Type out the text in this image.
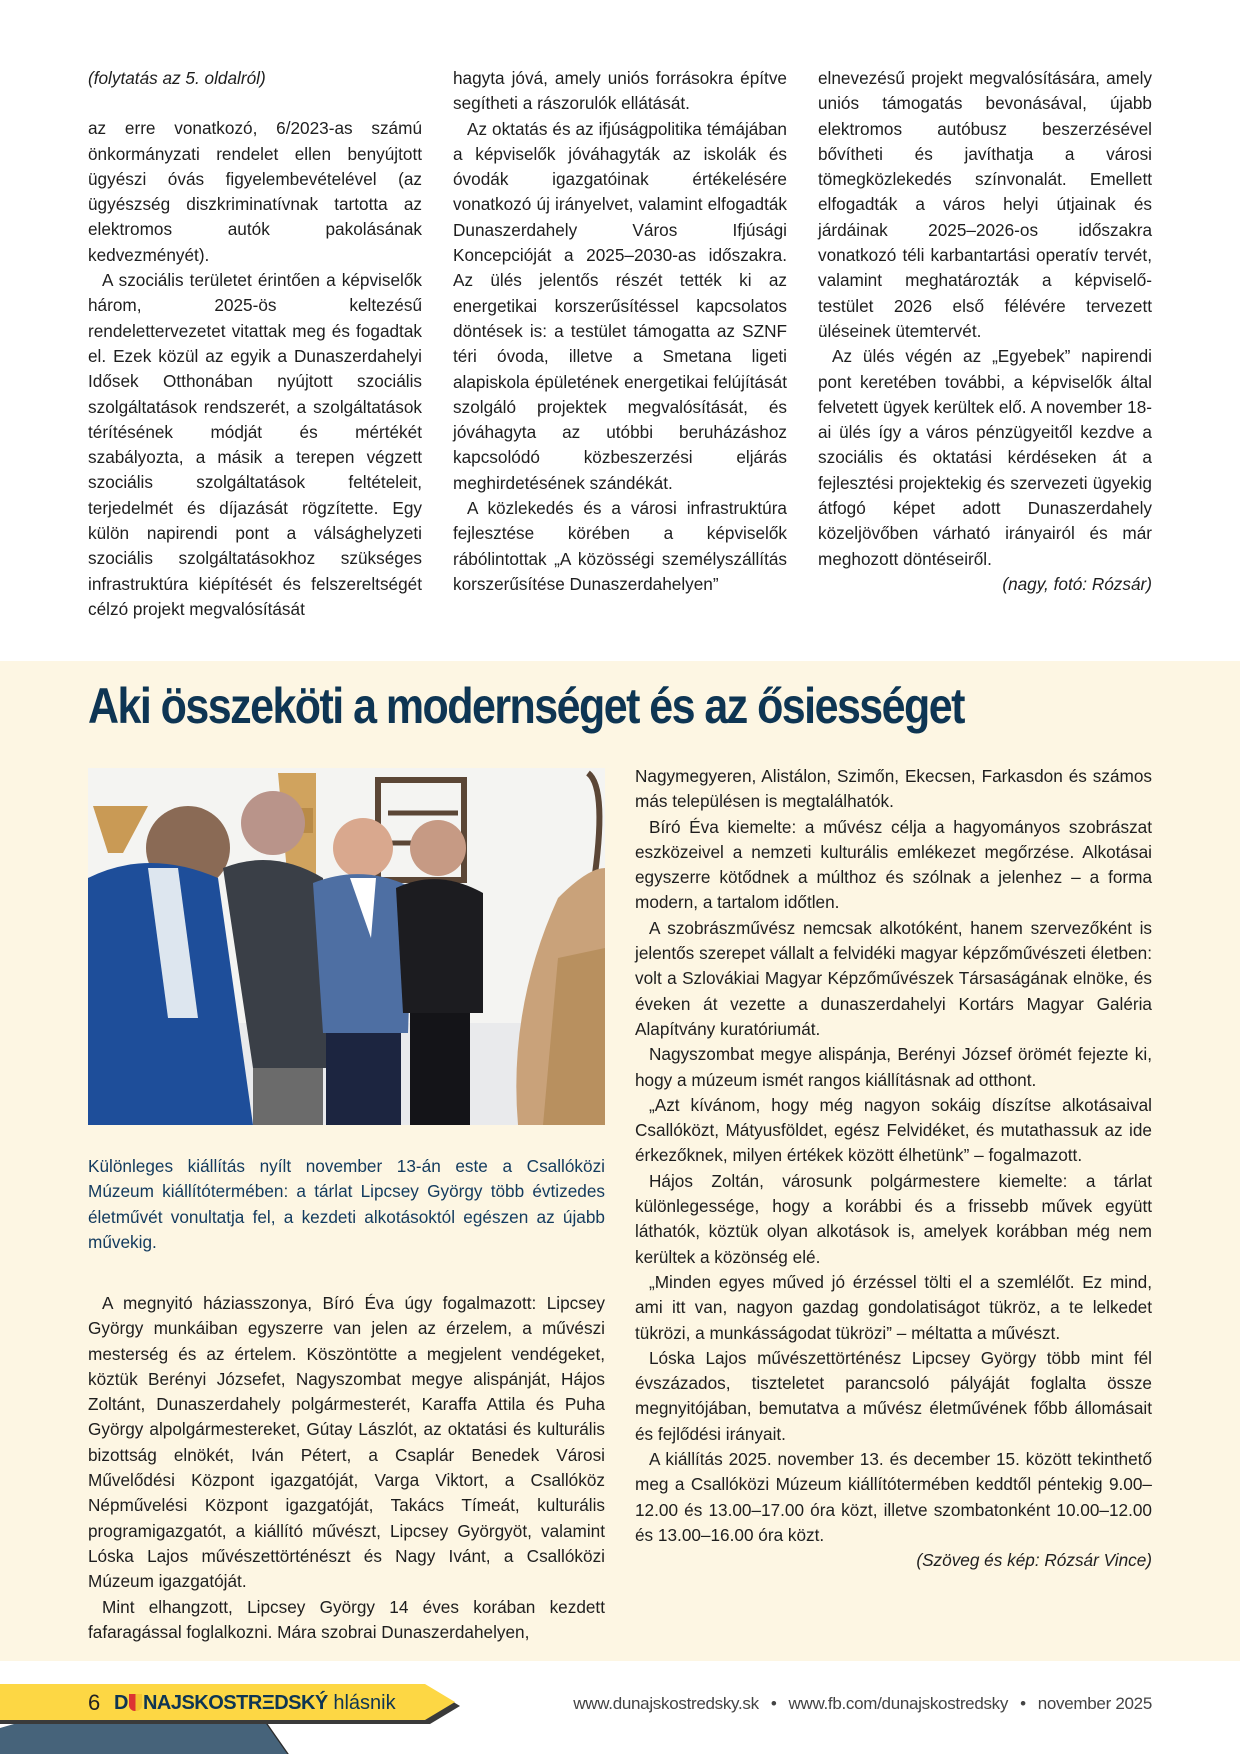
(folytatás az 5. oldalról)

az erre vonatkozó, 6/2023-as számú önkormányzati rendelet ellen benyújtott ügyészi óvás figyelembevételével (az ügyészség diszkriminatívnak tartotta az elektromos autók pakolásának kedvezményét).

A szociális területet érintően a képviselők három, 2025-ös keltezésű rendelettervezetet vitattak meg és fogadtak el. Ezek közül az egyik a Dunaszerdahelyi Idősek Otthonában nyújtott szociális szolgáltatások rendszerét, a szolgáltatások térítésének módját és mértékét szabályozta, a másik a terepen végzett szociális szolgáltatások feltételeit, terjedelmét és díjazását rögzítette. Egy külön napirendi pont a válsághelyzeti szociális szolgáltatásokhoz szükséges infrastruktúra kiépítését és felszereltségét célzó projekt megvalósítását

hagyta jóvá, amely uniós forrásokra építve segítheti a rászorulók ellátását.

Az oktatás és az ifjúságpolitika témájában a képviselők jóváhagyták az iskolák és óvodák igazgatóinak értékelésére vonatkozó új irányelvet, valamint elfogadták Dunaszerdahely Város Ifjúsági Koncepcióját a 2025–2030-as időszakra. Az ülés jelentős részét tették ki az energetikai korszerűsítéssel kapcsolatos döntések is: a testület támogatta az SZNF téri óvoda, illetve a Smetana ligeti alapiskola épületének energetikai felújítását szolgáló projektek megvalósítását, és jóváhagyta az utóbbi beruházáshoz kapcsolódó közbeszerzési eljárás meghirdetésének szándékát.

A közlekedés és a városi infrastruktúra fejlesztése körében a képviselők rábólintottak „A közösségi személyszállítás korszerűsítése Dunaszerdahelyen”

elnevezésű projekt megvalósítására, amely uniós támogatás bevonásával, újabb elektromos autóbusz beszerzésével bővítheti és javíthatja a városi tömegközlekedés színvonalát. Emellett elfogadták a város helyi útjainak és járdáinak 2025–2026-os időszakra vonatkozó téli karbantartási operatív tervét, valamint meghatározták a képviselő-testület 2026 első félévére tervezett üléseinek ütemtervét.

Az ülés végén az „Egyebek” napirendi pont keretében további, a képviselők által felvetett ügyek kerültek elő. A november 18-ai ülés így a város pénzügyeitől kezdve a szociális és oktatási kérdéseken át a fejlesztési projektekig és szervezeti ügyekig átfogó képet adott Dunaszerdahely közeljövőben várható irányairól és már meghozott döntéseiről.

(nagy, fotó: Rózsár)

Aki összeköti a modernséget és az ősiességet

Különleges kiállítás nyílt november 13-án este a Csallóközi Múzeum kiállítótermében: a tárlat Lipcsey György több évtizedes életművét vonultatja fel, a kezdeti alkotásoktól egészen az újabb művekig.

A megnyitó háziasszonya, Bíró Éva úgy fogalmazott: Lipcsey György munkáiban egyszerre van jelen az érzelem, a művészi mesterség és az értelem. Köszöntötte a megjelent vendégeket, köztük Berényi Józsefet, Nagyszombat megye alispánját, Hájos Zoltánt, Dunaszerdahely polgármesterét, Karaffa Attila és Puha György alpolgármestereket, Gútay Lászlót, az oktatási és kulturális bizottság elnökét, Iván Pétert, a Csaplár Benedek Városi Művelődési Központ igazgatóját, Varga Viktort, a Csallóköz Népművelési Központ igazgatóját, Takács Tímeát, kulturális programigazgatót, a kiállító művészt, Lipcsey Györgyöt, valamint Lóska Lajos művészettörténészt és Nagy Ivánt, a Csallóközi Múzeum igazgatóját.

Mint elhangzott, Lipcsey György 14 éves korában kezdett fafaragással foglalkozni. Mára szobrai Dunaszerdahelyen,

Nagymegyeren, Alistálon, Szimőn, Ekecsen, Farkasdon és számos más településen is megtalálhatók.

Bíró Éva kiemelte: a művész célja a hagyományos szobrászat eszközeivel a nemzeti kulturális emlékezet megőrzése. Alkotásai egyszerre kötődnek a múlthoz és szólnak a jelenhez – a forma modern, a tartalom időtlen.

A szobrászművész nemcsak alkotóként, hanem szervezőként is jelentős szerepet vállalt a felvidéki magyar képzőművészeti életben: volt a Szlovákiai Magyar Képzőművészek Társaságának elnöke, és éveken át vezette a dunaszerdahelyi Kortárs Magyar Galéria Alapítvány kuratóriumát.

Nagyszombat megye alispánja, Berényi József örömét fejezte ki, hogy a múzeum ismét rangos kiállításnak ad otthont.

„Azt kívánom, hogy még nagyon sokáig díszítse alkotásaival Csallóközt, Mátyusföldet, egész Felvidéket, és mutathassuk az ide érkezőknek, milyen értékek között élhetünk” – fogalmazott.

Hájos Zoltán, városunk polgármestere kiemelte: a tárlat különlegessége, hogy a korábbi és a frissebb művek együtt láthatók, köztük olyan alkotások is, amelyek korábban még nem kerültek a közönség elé.

„Minden egyes műved jó érzéssel tölti el a szemlélőt. Ez mind, ami itt van, nagyon gazdag gondolatiságot tükröz, a te lelkedet tükrözi, a munkásságodat tükrözi” – méltatta a művészt.

Lóska Lajos művészettörténész Lipcsey György több mint fél évszázados, tiszteletet parancsoló pályáját foglalta össze megnyitójában, bemutatva a művész életművének főbb állomásait és fejlődési irányait.

A kiállítás 2025. november 13. és december 15. között tekinthető meg a Csallóközi Múzeum kiállítótermében keddtől péntekig 9.00–12.00 és 13.00–17.00 óra közt, illetve szombatonként 10.00–12.00 és 13.00–16.00 óra közt.

(Szöveg és kép: Rózsár Vince)

6 D NAJSKOSTRΞDSKÝ hlásnik	www.dunajskostredsky.sk • www.fb.com/dunajskostredsky • november 2025
